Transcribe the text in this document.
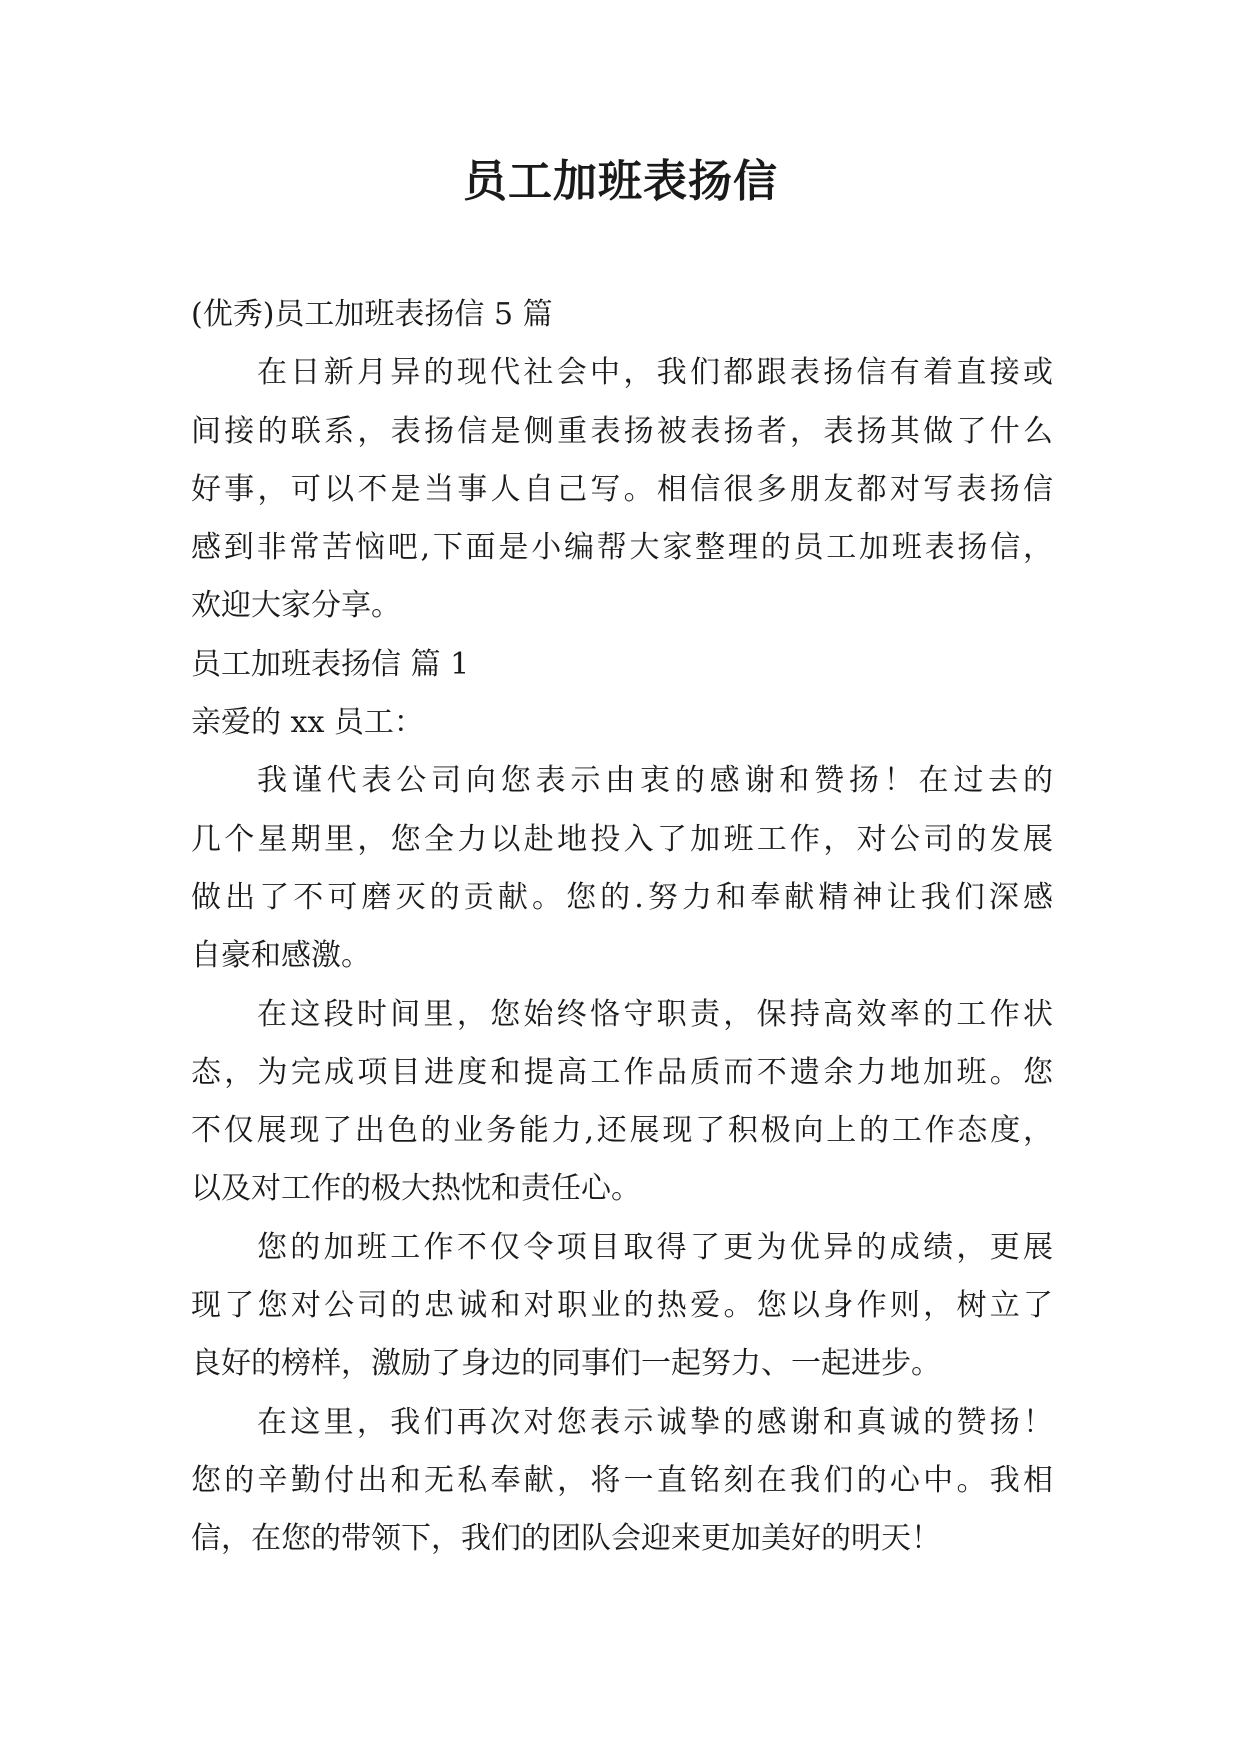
员工加班表扬信
(优秀)员工加班表扬信 5 篇
在日新月异的现代社会中，我们都跟表扬信有着直接或
间接的联系，表扬信是侧重表扬被表扬者，表扬其做了什么
好事，可以不是当事人自己写。相信很多朋友都对写表扬信
感到非常苦恼吧,下面是小编帮大家整理的员工加班表扬信，
欢迎大家分享。
员工加班表扬信 篇 1
亲爱的 xx 员工：
我谨代表公司向您表示由衷的感谢和赞扬！在过去的
几个星期里，您全力以赴地投入了加班工作，对公司的发展
做出了不可磨灭的贡献。您的.努力和奉献精神让我们深感
自豪和感激。
在这段时间里，您始终恪守职责，保持高效率的工作状
态，为完成项目进度和提高工作品质而不遗余力地加班。您
不仅展现了出色的业务能力,还展现了积极向上的工作态度，
以及对工作的极大热忱和责任心。
您的加班工作不仅令项目取得了更为优异的成绩，更展
现了您对公司的忠诚和对职业的热爱。您以身作则，树立了
良好的榜样，激励了身边的同事们一起努力、一起进步。
在这里，我们再次对您表示诚挚的感谢和真诚的赞扬！
您的辛勤付出和无私奉献，将一直铭刻在我们的心中。我相
信，在您的带领下，我们的团队会迎来更加美好的明天！
